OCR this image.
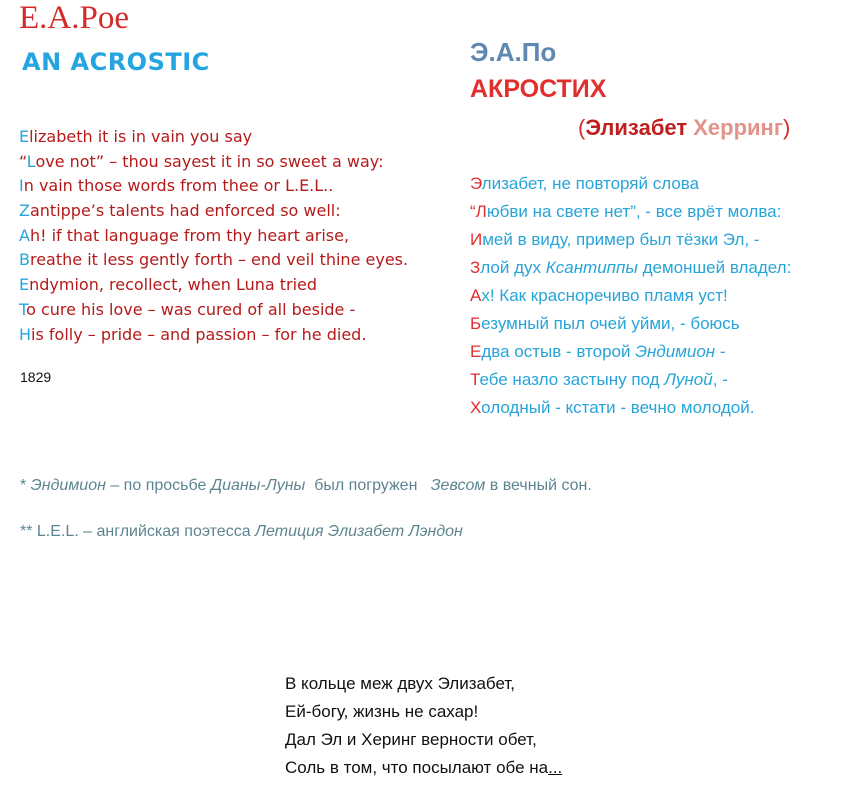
E.A.Poe
AN ACROSTIC
Elizabeth it is in vain you say
“Love not” – thou sayest it in so sweet a way:
In vain those words from thee or L.E.L..
Zantippe’s talents had enforced so well:
Ah! if that language from thy heart arise,
Breathe it less gently forth – end veil thine eyes.
Endymion, recollect, when Luna tried
To cure his love – was cured of all beside -
His folly – pride – and passion – for he died.
1829
Э.А.По
АКРОСТИХ
(Элизабет Херринг)
Элизабет, не повторяй слова
“Любви на свете нет”, - все врёт молва:
Имей в виду, пример был тёзки Эл, -
Злой дух Ксантиппы демоншей владел:
Ах! Как красноречиво пламя уст!
Безумный пыл очей уйми, - боюсь
Едва остыв - второй Эндимион -
Тебе назло застыну под Луной, -
Холодный - кстати - вечно молодой.
* Эндимион – по просьбе Дианы-Луны  был погружен   Зевсом в вечный сон.
** L.E.L. – английская поэтесса Летиция Элизабет Лэндон
В кольце меж двух Элизабет,
Ей-богу, жизнь не сахар!
Дал Эл и Херинг верности обет,
Соль в том, что посылают обе на...
